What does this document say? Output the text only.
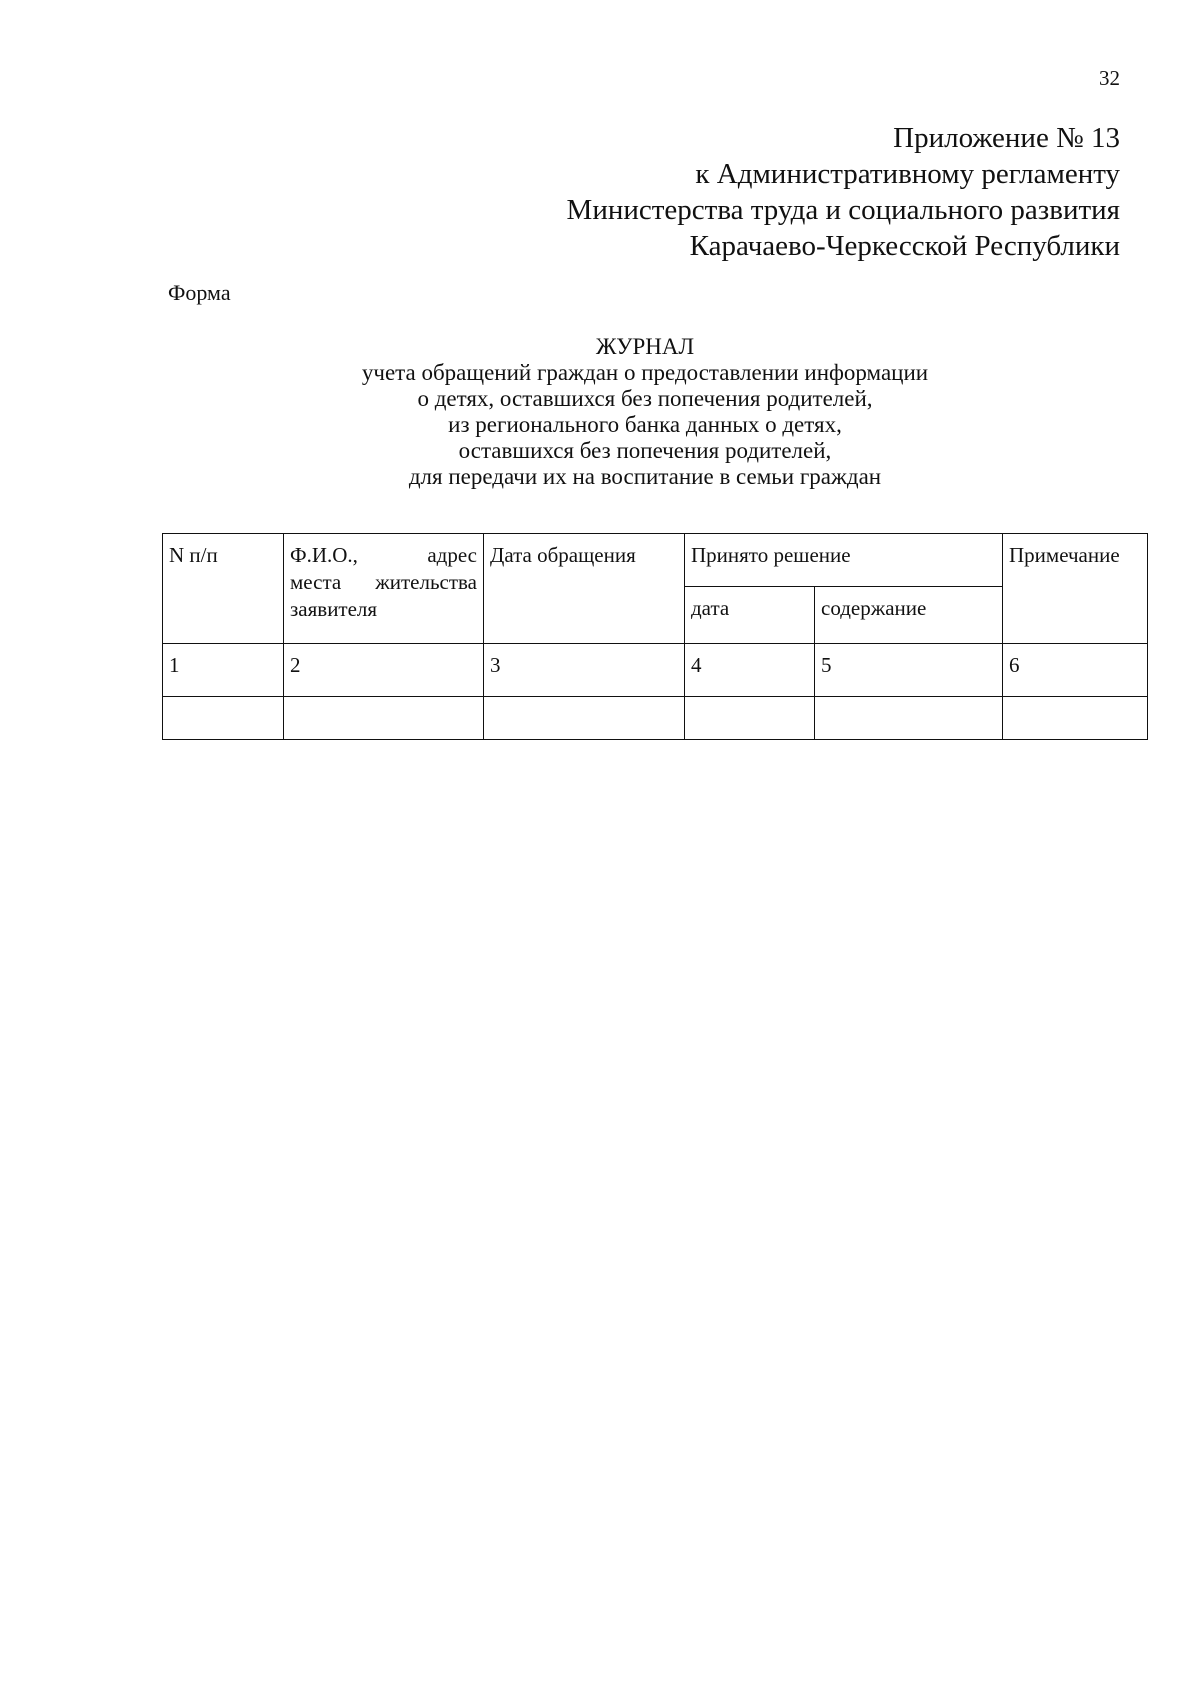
32
Приложение № 13
к Административному регламенту
Министерства труда и социального развития
Карачаево-Черкесской Республики
Форма
ЖУРНАЛ
учета обращений граждан о предоставлении информации
о детях, оставшихся без попечения родителей,
из регионального банка данных о детях,
оставшихся без попечения родителей,
для передачи их на воспитание в семьи граждан
N п/п	Ф.И.О., адрес
места жительства
заявителя	Дата обращения	Принято решение		Примечание
			дата	содержание	
1	2	3	4	5	6
